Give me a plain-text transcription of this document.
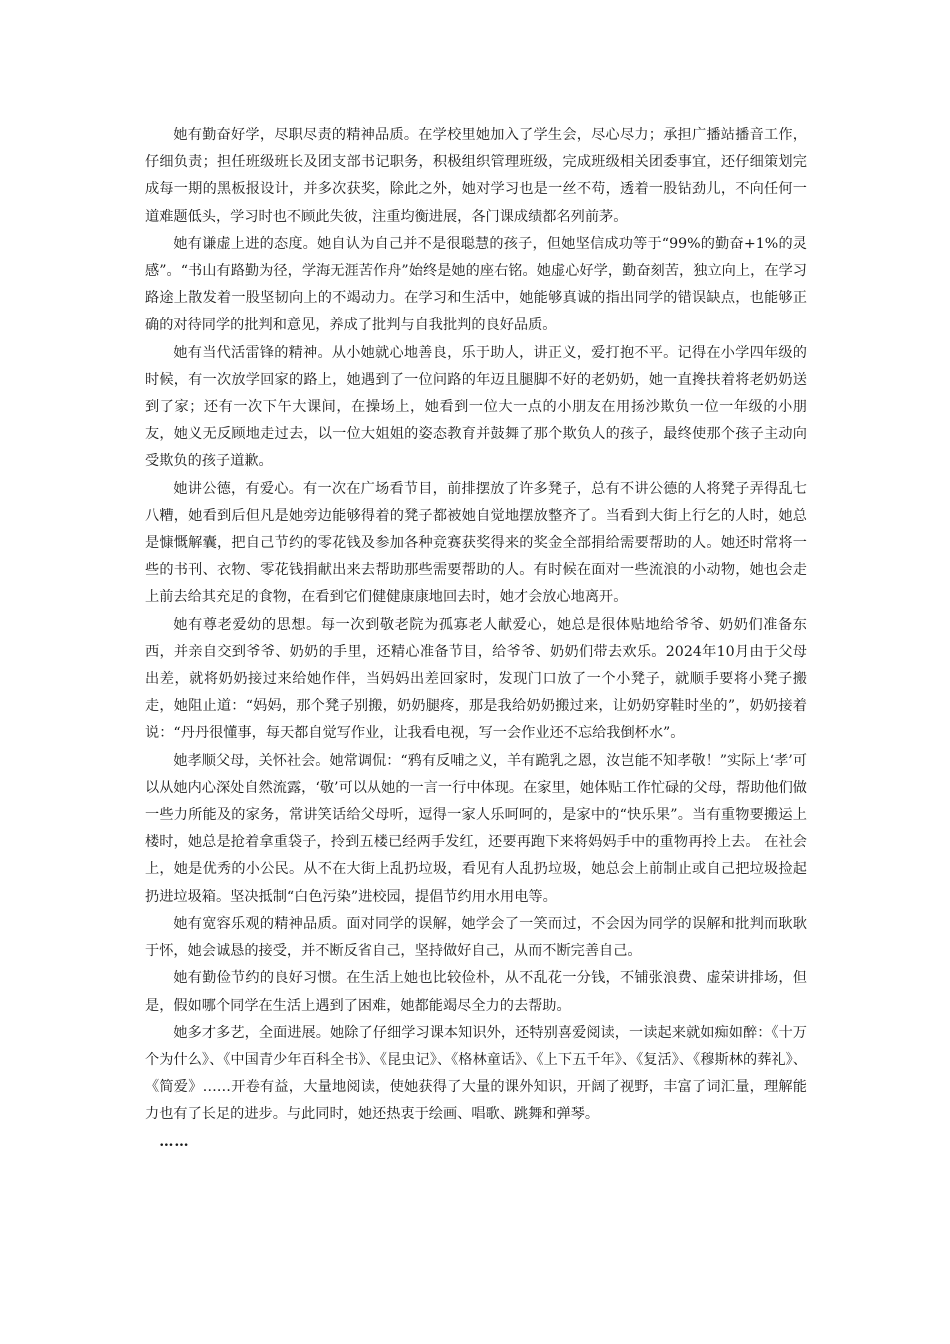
她有勤奋好学，尽职尽责的精神品质。在学校里她加入了学生会，尽心尽力；承担广播站播音工作，仔细负责；担任班级班长及团支部书记职务，积极组织管理班级，完成班级相关团委事宜，还仔细策划完成每一期的黑板报设计，并多次获奖，除此之外，她对学习也是一丝不苟，透着一股钻劲儿，不向任何一道难题低头，学习时也不顾此失彼，注重均衡进展，各门课成绩都名列前茅。

她有谦虚上进的态度。她自认为自己并不是很聪慧的孩子，但她坚信成功等于“99%的勤奋+1%的灵感”。“书山有路勤为径，学海无涯苦作舟”始终是她的座右铭。她虚心好学，勤奋刻苦，独立向上，在学习路途上散发着一股坚韧向上的不竭动力。在学习和生活中，她能够真诚的指出同学的错误缺点，也能够正确的对待同学的批判和意见，养成了批判与自我批判的良好品质。

她有当代活雷锋的精神。从小她就心地善良，乐于助人，讲正义，爱打抱不平。记得在小学四年级的时候，有一次放学回家的路上，她遇到了一位问路的年迈且腿脚不好的老奶奶，她一直搀扶着将老奶奶送到了家；还有一次下午大课间，在操场上，她看到一位大一点的小朋友在用扬沙欺负一位一年级的小朋友，她义无反顾地走过去，以一位大姐姐的姿态教育并鼓舞了那个欺负人的孩子，最终使那个孩子主动向受欺负的孩子道歉。

她讲公德，有爱心。有一次在广场看节目，前排摆放了许多凳子，总有不讲公德的人将凳子弄得乱七八糟，她看到后但凡是她旁边能够得着的凳子都被她自觉地摆放整齐了。当看到大街上行乞的人时，她总是慷慨解囊，把自己节约的零花钱及参加各种竞赛获奖得来的奖金全部捐给需要帮助的人。她还时常将一些的书刊、衣物、零花钱捐献出来去帮助那些需要帮助的人。有时候在面对一些流浪的小动物，她也会走上前去给其充足的食物，在看到它们健健康康地回去时，她才会放心地离开。

她有尊老爱幼的思想。每一次到敬老院为孤寡老人献爱心，她总是很体贴地给爷爷、奶奶们准备东西，并亲自交到爷爷、奶奶的手里，还精心准备节目，给爷爷、奶奶们带去欢乐。2024年10月由于父母出差，就将奶奶接过来给她作伴，当妈妈出差回家时，发现门口放了一个小凳子，就顺手要将小凳子搬走，她阻止道：“妈妈，那个凳子别搬，奶奶腿疼，那是我给奶奶搬过来，让奶奶穿鞋时坐的”，奶奶接着说：“丹丹很懂事，每天都自觉写作业，让我看电视，写一会作业还不忘给我倒杯水”。

她孝顺父母，关怀社会。她常调侃：“鸦有反哺之义，羊有跪乳之恩，汝岂能不知孝敬！”实际上‘孝’可以从她内心深处自然流露，‘敬’可以从她的一言一行中体现。在家里，她体贴工作忙碌的父母，帮助他们做一些力所能及的家务，常讲笑话给父母听，逗得一家人乐呵呵的，是家中的“快乐果”。当有重物要搬运上楼时，她总是抢着拿重袋子，拎到五楼已经两手发红，还要再跑下来将妈妈手中的重物再拎上去。 在社会上，她是优秀的小公民。从不在大街上乱扔垃圾，看见有人乱扔垃圾，她总会上前制止或自己把垃圾捡起扔进垃圾箱。坚决抵制“白色污染”进校园，提倡节约用水用电等。

她有宽容乐观的精神品质。面对同学的误解，她学会了一笑而过，不会因为同学的误解和批判而耿耿于怀，她会诚恳的接受，并不断反省自己，坚持做好自己，从而不断完善自己。

她有勤俭节约的良好习惯。在生活上她也比较俭朴，从不乱花一分钱，不铺张浪费、虚荣讲排场，但是，假如哪个同学在生活上遇到了困难，她都能竭尽全力的去帮助。

她多才多艺，全面进展。她除了仔细学习课本知识外，还特别喜爱阅读，一读起来就如痴如醉：《十万个为什么》、《中国青少年百科全书》、《昆虫记》、《格林童话》、《上下五千年》、《复活》、《穆斯林的葬礼》、《简爱》……开卷有益，大量地阅读，使她获得了大量的课外知识，开阔了视野，丰富了词汇量，理解能力也有了长足的进步。与此同时，她还热衷于绘画、唱歌、跳舞和弹琴。

……
